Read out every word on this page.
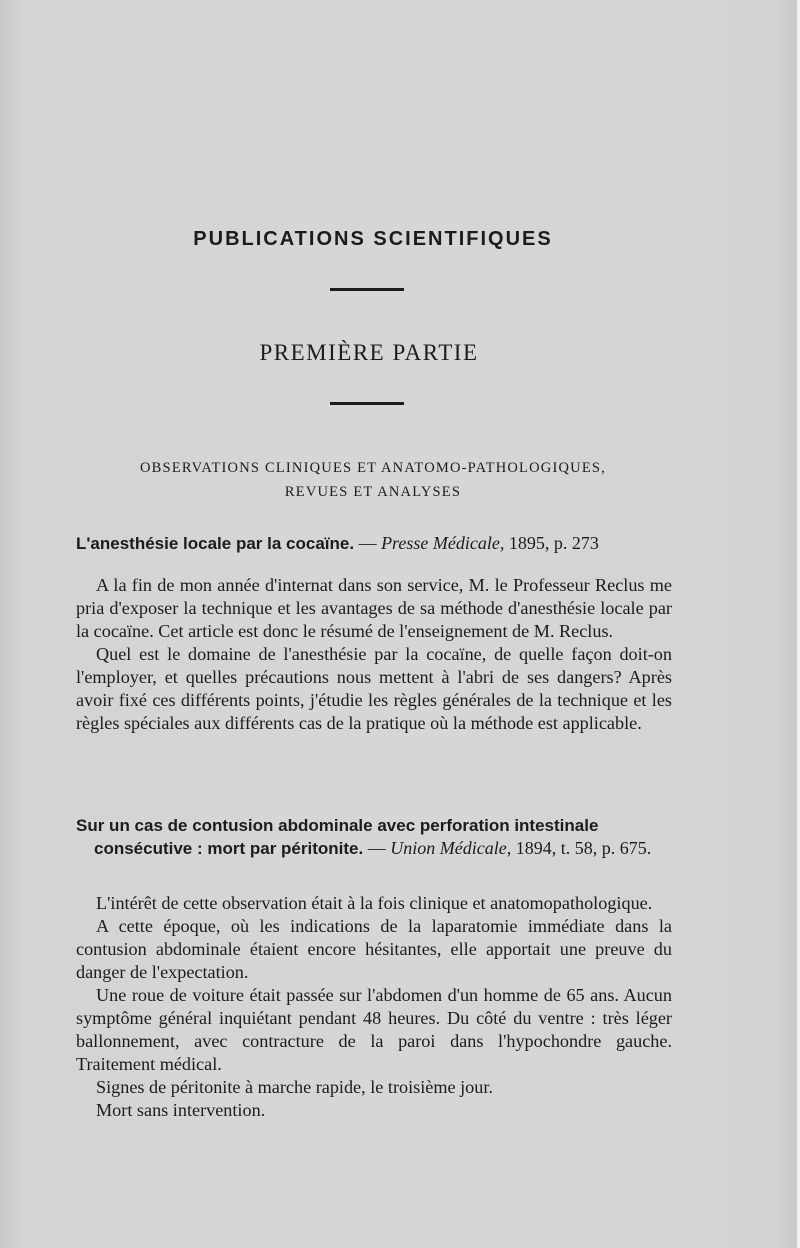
PUBLICATIONS SCIENTIFIQUES
PREMIÈRE PARTIE
OBSERVATIONS CLINIQUES ET ANATOMO-PATHOLOGIQUES,
REVUES ET ANALYSES
L'anesthésie locale par la cocaïne. — Presse Médicale, 1895, p. 273

A la fin de mon année d'internat dans son service, M. le Professeur Reclus me pria d'exposer la technique et les avantages de sa méthode d'anesthésie locale par la cocaïne. Cet article est donc le résumé de l'enseignement de M. Reclus.

Quel est le domaine de l'anesthésie par la cocaïne, de quelle façon doit-on l'employer, et quelles précautions nous mettent à l'abri de ses dangers? Après avoir fixé ces différents points, j'étudie les règles générales de la technique et les règles spéciales aux différents cas de la pratique où la méthode est applicable.

Sur un cas de contusion abdominale avec perforation intestinale consécutive : mort par péritonite. — Union Médicale, 1894, t. 58, p. 675.

L'intérêt de cette observation était à la fois clinique et anatomopathologique.

A cette époque, où les indications de la laparatomie immédiate dans la contusion abdominale étaient encore hésitantes, elle apportait une preuve du danger de l'expectation.

Une roue de voiture était passée sur l'abdomen d'un homme de 65 ans. Aucun symptôme général inquiétant pendant 48 heures. Du côté du ventre : très léger ballonnement, avec contracture de la paroi dans l'hypochondre gauche. Traitement médical.

Signes de péritonite à marche rapide, le troisième jour.

Mort sans intervention.
